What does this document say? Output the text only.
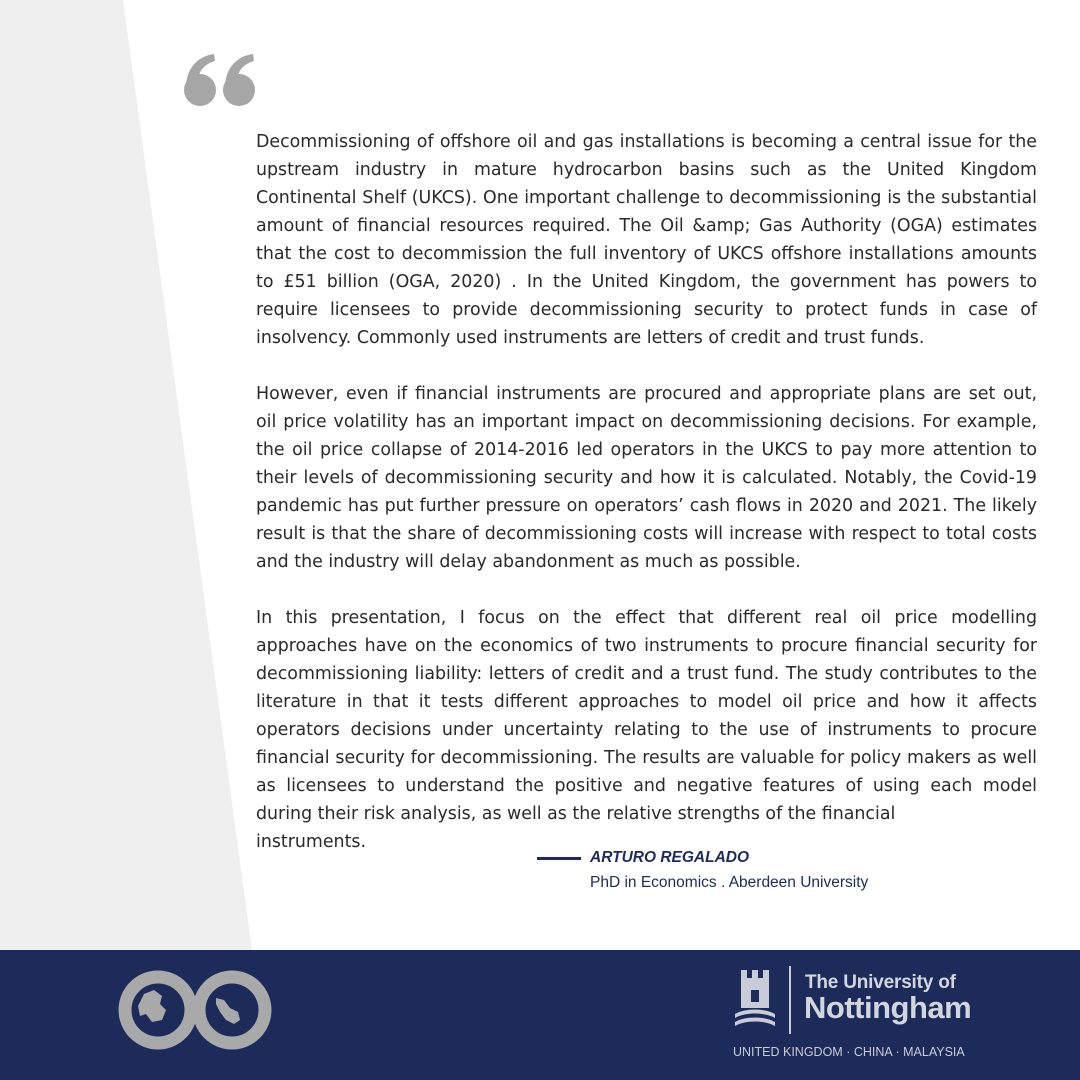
Decommissioning of offshore oil and gas installations is becoming a central issue for the upstream industry in mature hydrocarbon basins such as the United Kingdom Continental Shelf (UKCS). One important challenge to decommissioning is the substantial amount of financial resources required. The Oil &amp; Gas Authority (OGA) estimates that the cost to decommission the full inventory of UKCS offshore installations amounts to £51 billion (OGA, 2020) . In the United Kingdom, the government has powers to require licensees to provide decommissioning security to protect funds in case of insolvency. Commonly used instruments are letters of credit and trust funds.

However, even if financial instruments are procured and appropriate plans are set out, oil price volatility has an important impact on decommissioning decisions. For example, the oil price collapse of 2014-2016 led operators in the UKCS to pay more attention to their levels of decommissioning security and how it is calculated. Notably, the Covid-19 pandemic has put further pressure on operators’ cash flows in 2020 and 2021. The likely result is that the share of decommissioning costs will increase with respect to total costs and the industry will delay abandonment as much as possible.

In this presentation, I focus on the effect that different real oil price modelling approaches have on the economics of two instruments to procure financial security for decommissioning liability: letters of credit and a trust fund. The study contributes to the literature in that it tests different approaches to model oil price and how it affects operators decisions under uncertainty relating to the use of instruments to procure financial security for decommissioning. The results are valuable for policy makers as well as licensees to understand the positive and negative features of using each model during their risk analysis, as well as the relative strengths of the financial

instruments.

ARTURO REGALADO
PhD in Economics . Aberdeen University
The University of
Nottingham
UNITED KINGDOM · CHINA · MALAYSIA
